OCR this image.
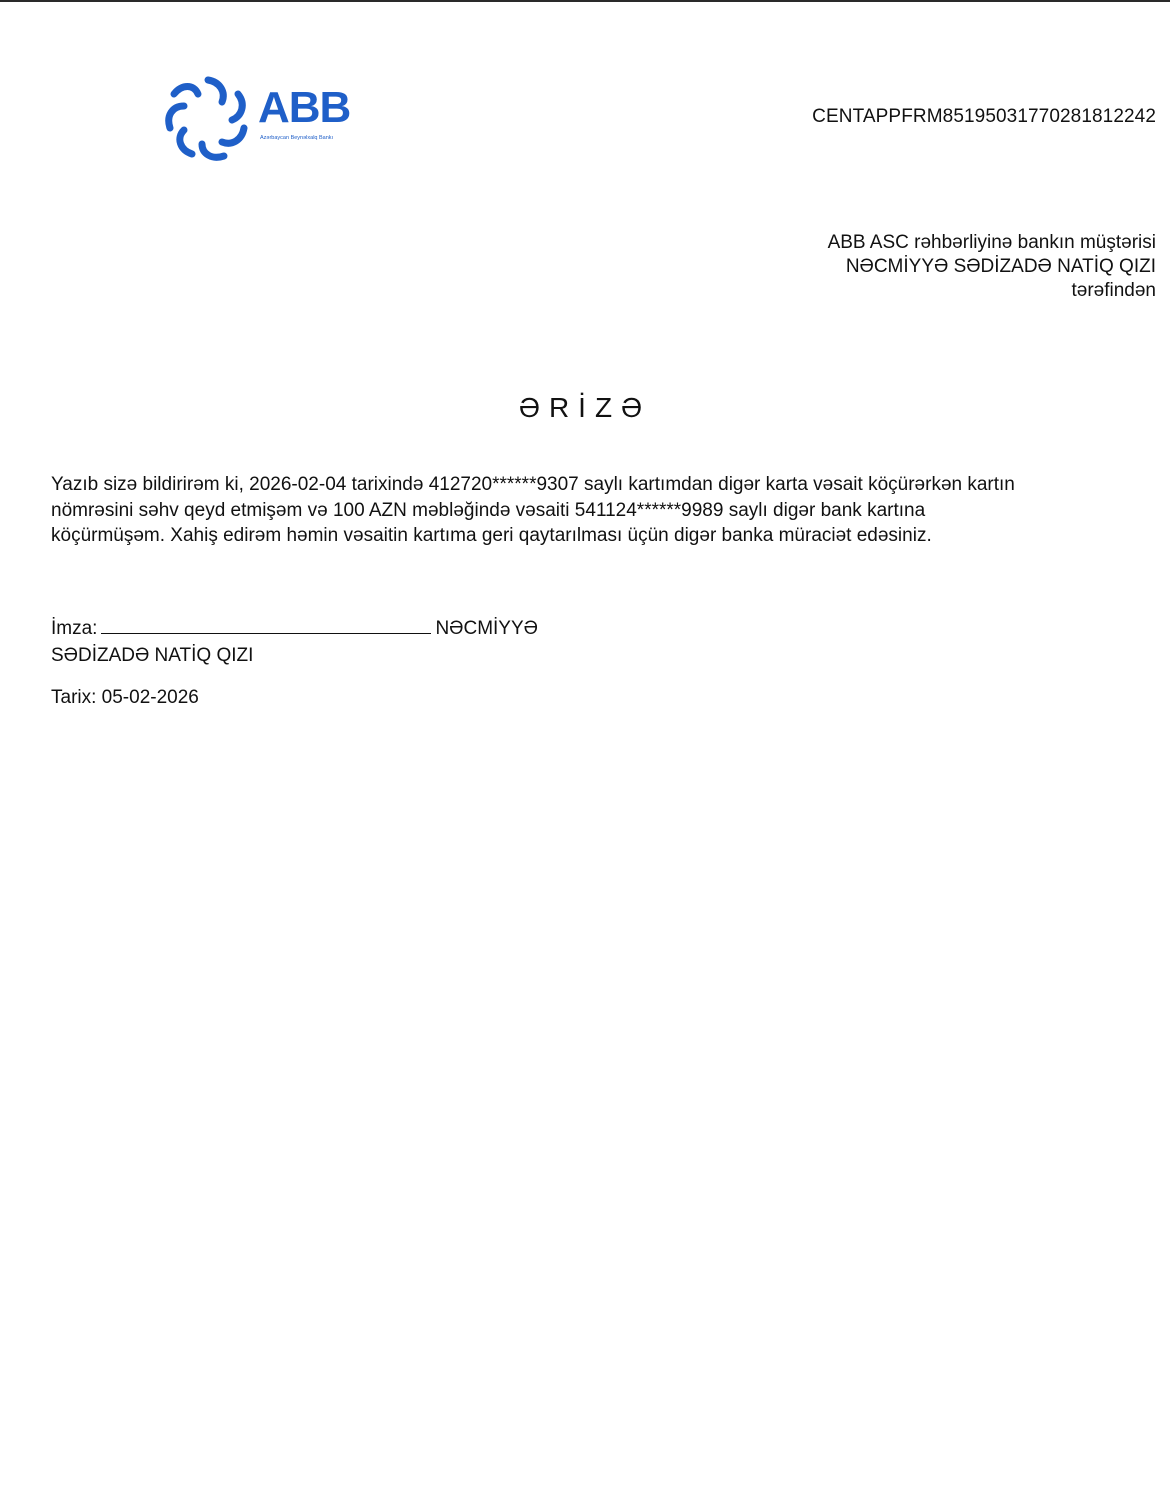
ABB
Azərbaycan Beynəlxalq Bankı
CENTAPPFRM8519503177028181​2242
ABB ASC rəhbərliyinə bankın müştərisi
NƏCMİYYƏ SƏDİZADƏ NATİQ QIZI
tərəfindən
ƏRİZƏ
Yazıb sizə bildirirəm ki, 2026-02-04 tarixində 412720******9307 saylı kartımdan digər karta vəsait köçürərkən kartın
nömrəsini səhv qeyd etmişəm və 100 AZN məbləğində vəsaiti 541124******9989 saylı digər bank kartına
köçürmüşəm. Xahiş edirəm həmin vəsaitin kartıma geri qaytarılması üçün digər banka müraciət edəsiniz.
İmza:	NƏCMİYYƏ
SƏDİZADƏ NATİQ QIZI
Tarix: 05-02-2026
